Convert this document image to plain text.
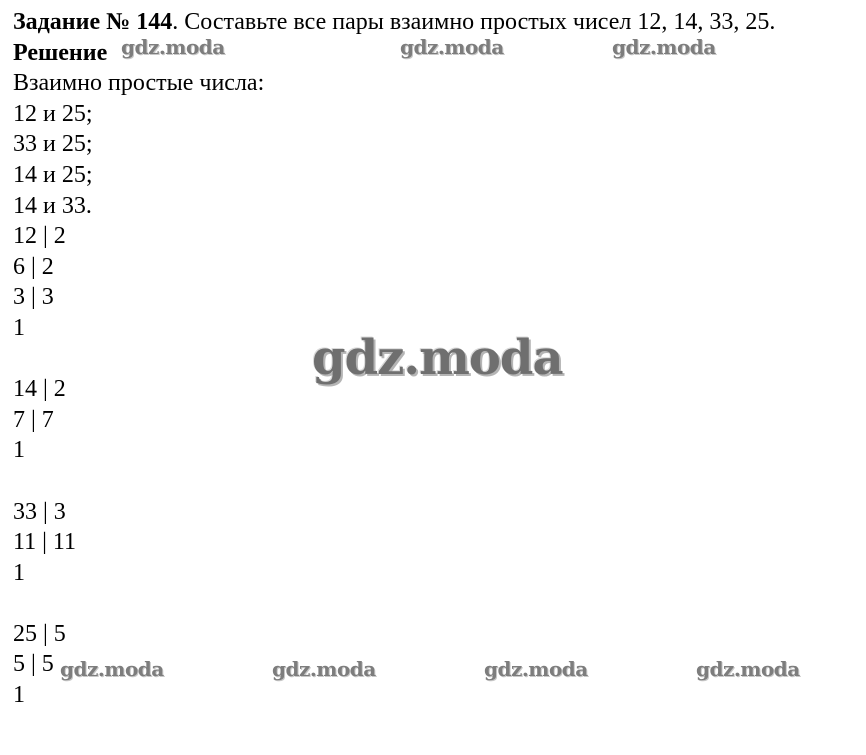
Задание № 144. Составьте все пары взаимно простых чисел 12, 14, 33, 25.
Решение
Взаимно простые числа:
12 и 25;
33 и 25;
14 и 25;
14 и 33.
12 | 2
6 | 2
3 | 3
1
14 | 2
7 | 7
1
33 | 3
11 | 11
1
25 | 5
5 | 5
1
gdz.moda	gdz.moda	gdz.moda
gdz.moda
gdz.moda	gdz.moda	gdz.moda	gdz.moda
